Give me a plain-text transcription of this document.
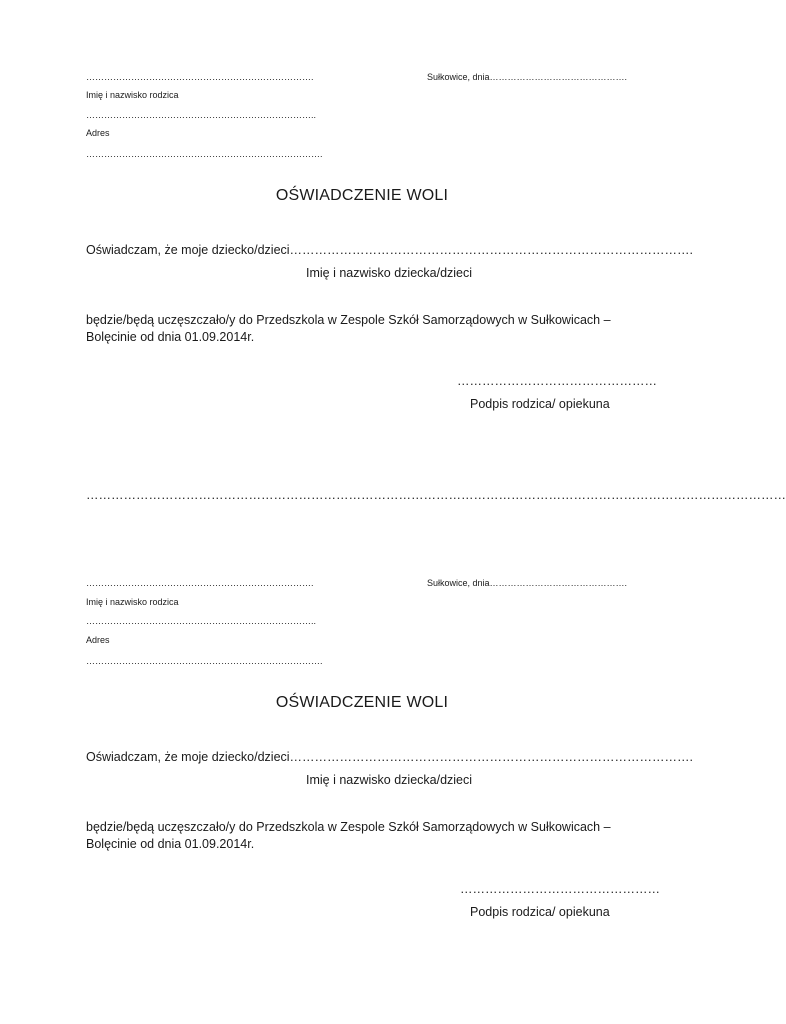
………………………………………………………………….
Imię i nazwisko rodzica
…………………………………………………………………..
Adres
…………………………………………………………………….
Sułkowice, dnia……………………………………….
OŚWIADCZENIE WOLI
Oświadczam, że moje dziecko/dzieci…………………………………………………………………………………….
Imię i nazwisko dziecka/dzieci
będzie/będą uczęszczało/y do Przedszkola w Zespole Szkół Samorządowych w Sułkowicach – Bolęcinie od dnia 01.09.2014r.
…………………………………………
Podpis rodzica/ opiekuna
……………………………………………………………………………………………………………………………………………………
………………………………………………………………….
Imię i nazwisko rodzica
…………………………………………………………………..
Adres
…………………………………………………………………….
Sułkowice, dnia……………………………………….
OŚWIADCZENIE WOLI
Oświadczam, że moje dziecko/dzieci…………………………………………………………………………………….
Imię i nazwisko dziecka/dzieci
będzie/będą uczęszczało/y do Przedszkola w Zespole Szkół Samorządowych w Sułkowicach – Bolęcinie od dnia 01.09.2014r.
…………………………………………
Podpis rodzica/ opiekuna
